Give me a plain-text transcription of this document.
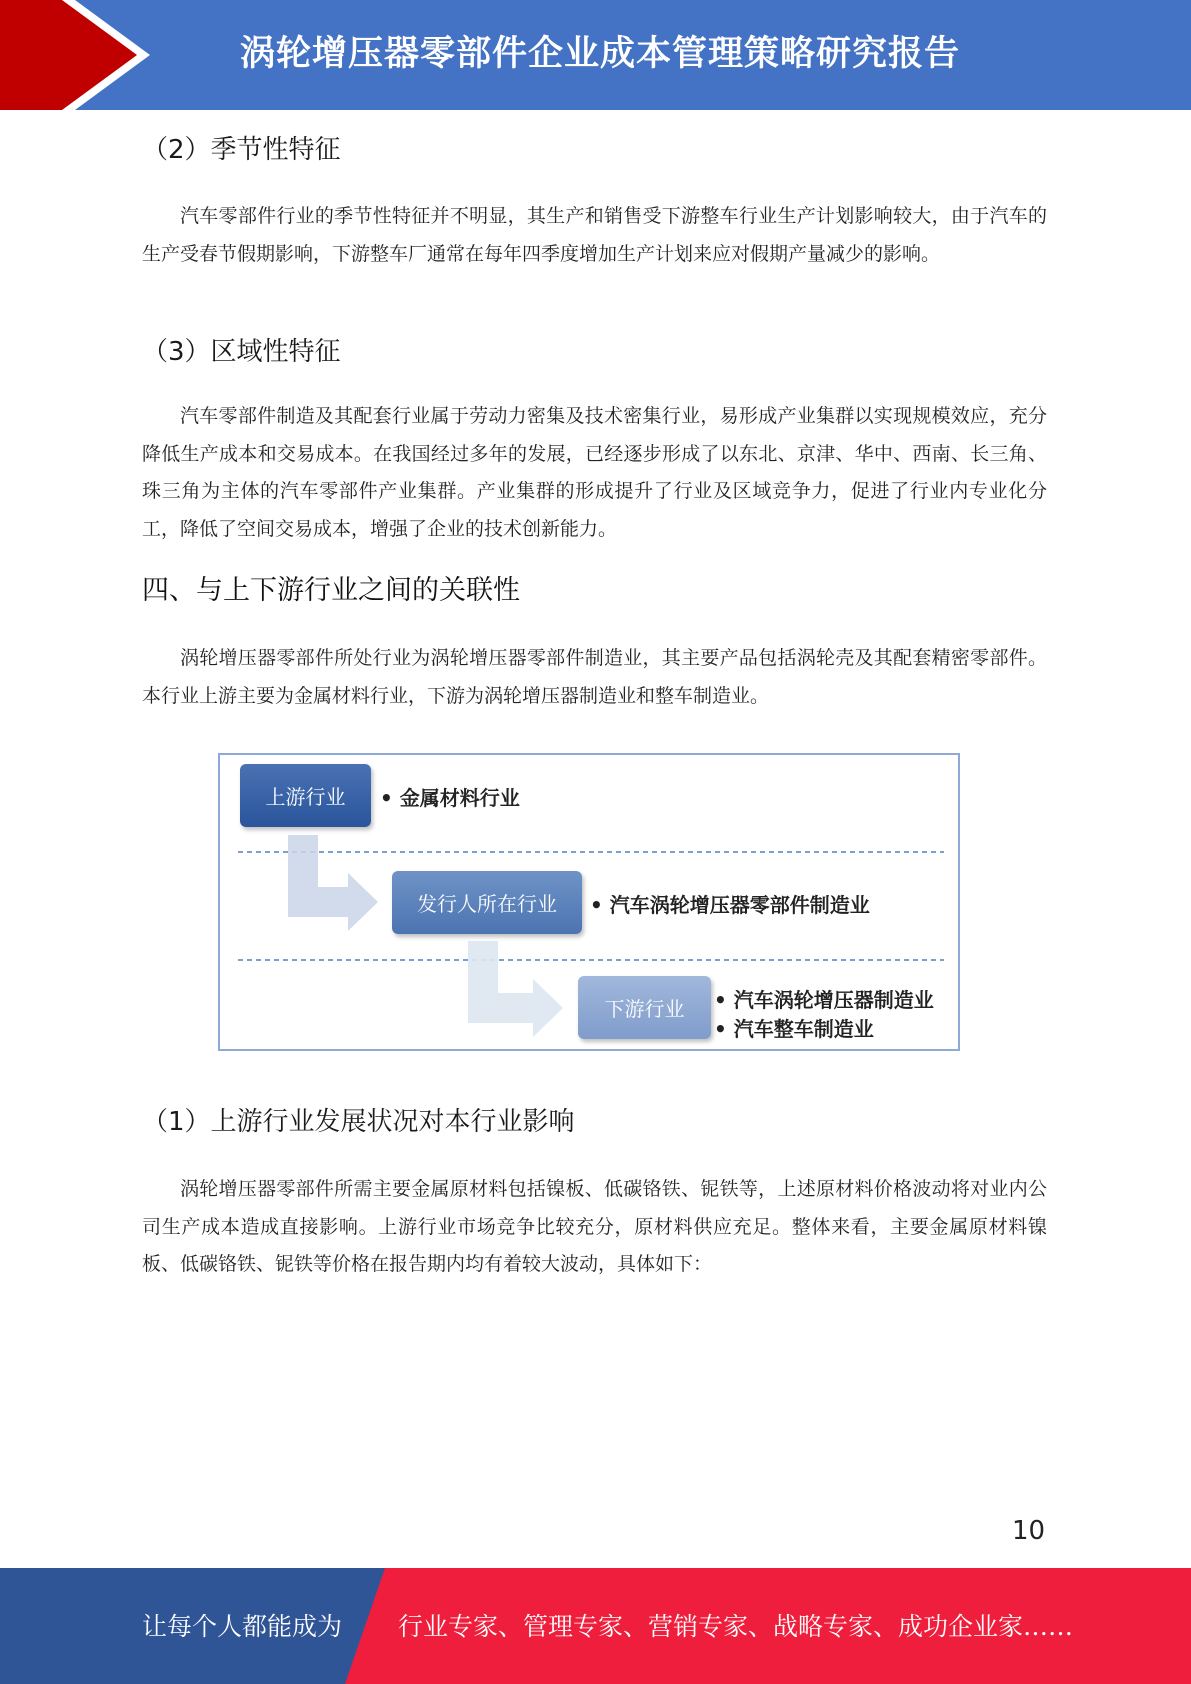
涡轮增压器零部件企业成本管理策略研究报告
（2）季节性特征

汽车零部件行业的季节性特征并不明显，其生产和销售受下游整车行业生产计划影响较大，由于汽车的生产受春节假期影响，下游整车厂通常在每年四季度增加生产计划来应对假期产量减少的影响。

（3）区域性特征

汽车零部件制造及其配套行业属于劳动力密集及技术密集行业，易形成产业集群以实现规模效应，充分降低生产成本和交易成本。在我国经过多年的发展，已经逐步形成了以东北、京津、华中、西南、长三角、珠三角为主体的汽车零部件产业集群。产业集群的形成提升了行业及区域竞争力，促进了行业内专业化分工，降低了空间交易成本，增强了企业的技术创新能力。

四、与上下游行业之间的关联性

涡轮增压器零部件所处行业为涡轮增压器零部件制造业，其主要产品包括涡轮壳及其配套精密零部件。本行业上游主要为金属材料行业，下游为涡轮增压器制造业和整车制造业。

上游行业	• 金属材料行业
发行人所在行业	• 汽车涡轮增压器零部件制造业
下游行业	• 汽车涡轮增压器制造业
• 汽车整车制造业
（1）上游行业发展状况对本行业影响

涡轮增压器零部件所需主要金属原材料包括镍板、低碳铬铁、铌铁等，上述原材料价格波动将对业内公司生产成本造成直接影响。上游行业市场竞争比较充分，原材料供应充足。整体来看，主要金属原材料镍板、低碳铬铁、铌铁等价格在报告期内均有着较大波动，具体如下：

10
让每个人都能成为 行业专家、管理专家、营销专家、战略专家、成功企业家……
